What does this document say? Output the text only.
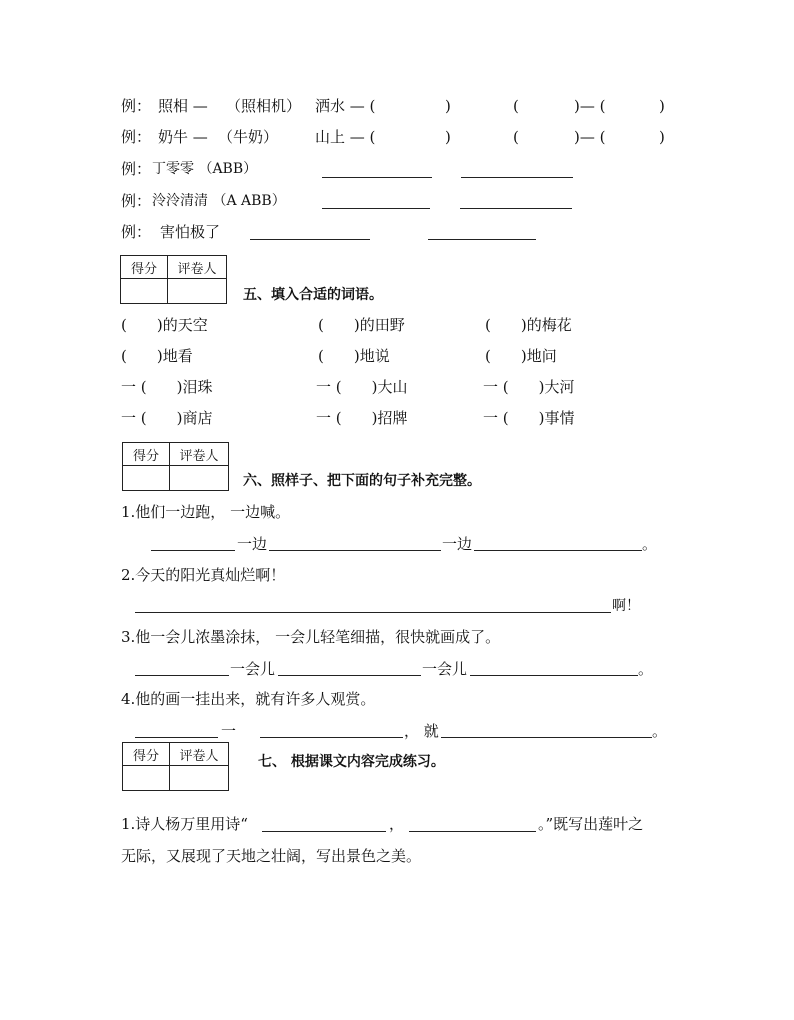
例： 照相 — （照相机） 洒水 — (	)	(	)— (	)
例： 奶牛 — （牛奶） 山上 — (	)	(	)— (	)
例： 丁零零 （ABB）
例： 泠泠清清 （A ABB）
例： 害怕极了
得分	评卷人

五、填入合适的词语。
(　　)的天空	(　　)的田野	(　　)的梅花
(　　)地看	(　　)地说	(　　)地问
一 (　　)泪珠	一 (　　)大山	一 (　　)大河
一 (　　)商店	一 (　　)招牌	一 (　　)事情
得分	评卷人

六、照样子、把下面的句子补充完整。
1.他们一边跑， 一边喊。
一边	一边	。
2.今天的阳光真灿烂啊！
啊！
3.他一会儿浓墨涂抹， 一会儿轻笔细描，很快就画成了。
一会儿	一会儿	。
4.他的画一挂出来，就有许多人观赏。
一	， 就	。
得分	评卷人
		七、 根据课文内容完成练习。
1.诗人杨万里用诗“	，	。”既写出莲叶之
无际，又展现了天地之壮阔，写出景色之美。
